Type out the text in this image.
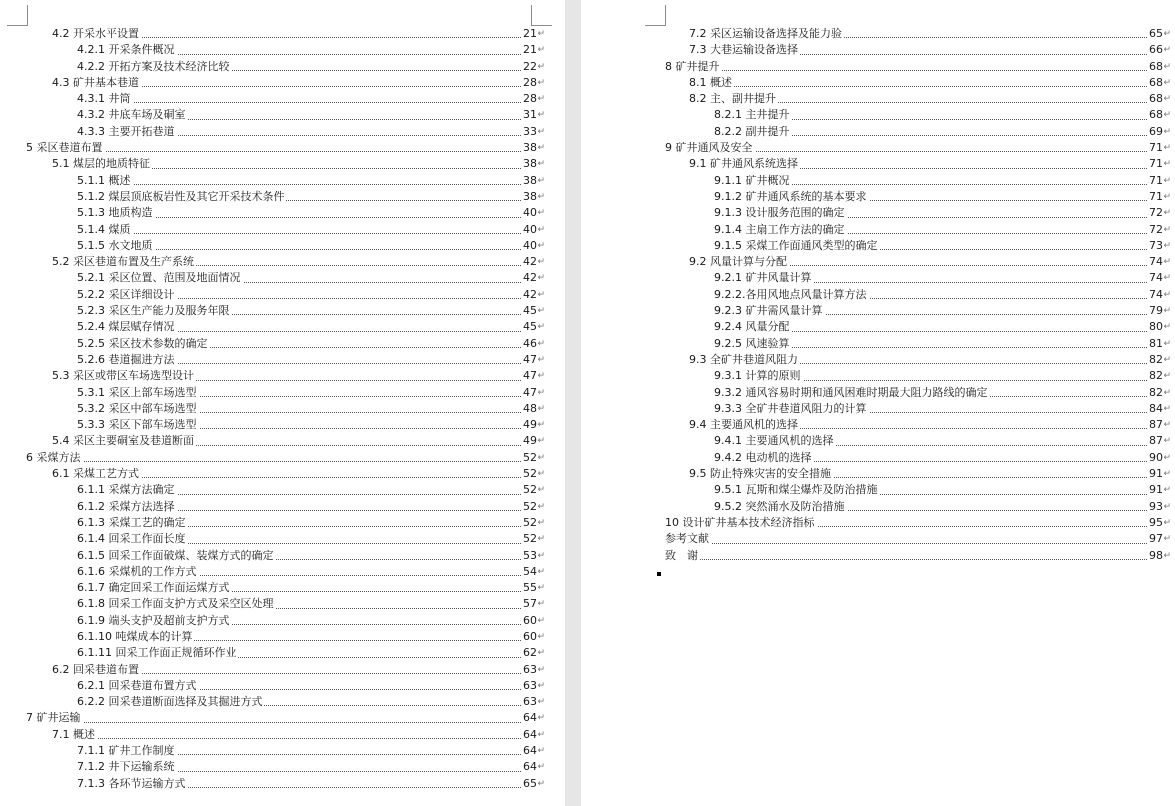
4.2 开采水平设置	21 ↵
4.2.1 开采条件概况	21 ↵
4.2.2 开拓方案及技术经济比较	22 ↵
4.3 矿井基本巷道	28 ↵
4.3.1 井筒	28 ↵
4.3.2 井底车场及硐室	31 ↵
4.3.3 主要开拓巷道	33 ↵
5 采区巷道布置	38 ↵
5.1 煤层的地质特征	38 ↵
5.1.1 概述	38 ↵
5.1.2 煤层顶底板岩性及其它开采技术条件	38 ↵
5.1.3 地质构造	40 ↵
5.1.4 煤质	40 ↵
5.1.5 水文地质	40 ↵
5.2 采区巷道布置及生产系统	42 ↵
5.2.1 采区位置、范围及地面情况	42 ↵
5.2.2 采区详细设计	42 ↵
5.2.3 采区生产能力及服务年限	45 ↵
5.2.4 煤层赋存情况	45 ↵
5.2.5 采区技术参数的确定	46 ↵
5.2.6 巷道掘进方法	47 ↵
5.3 采区或带区车场选型设计	47 ↵
5.3.1 采区上部车场选型	47 ↵
5.3.2 采区中部车场选型	48 ↵
5.3.3 采区下部车场选型	49 ↵
5.4 采区主要硐室及巷道断面	49 ↵
6 采煤方法	52 ↵
6.1 采煤工艺方式	52 ↵
6.1.1 采煤方法确定	52 ↵
6.1.2 采煤方法选择	52 ↵
6.1.3 采煤工艺的确定	52 ↵
6.1.4 回采工作面长度	52 ↵
6.1.5 回采工作面破煤、装煤方式的确定	53 ↵
6.1.6 采煤机的工作方式	54 ↵
6.1.7 确定回采工作面运煤方式	55 ↵
6.1.8 回采工作面支护方式及采空区处理	57 ↵
6.1.9 端头支护及超前支护方式	60 ↵
6.1.10 吨煤成本的计算	60 ↵
6.1.11 回采工作面正规循环作业	62 ↵
6.2 回采巷道布置	63 ↵
6.2.1 回采巷道布置方式	63 ↵
6.2.2 回采巷道断面选择及其掘进方式	63 ↵
7 矿井运输	64 ↵
7.1 概述	64 ↵
7.1.1 矿井工作制度	64 ↵
7.1.2 井下运输系统	64 ↵
7.1.3 各环节运输方式	65 ↵
7.2 采区运输设备选择及能力验	65 ↵
7.3 大巷运输设备选择	66 ↵
8 矿井提升	68 ↵
8.1 概述	68 ↵
8.2 主、副井提升	68 ↵
8.2.1 主井提升	68 ↵
8.2.2 副井提升	69 ↵
9 矿井通风及安全	71 ↵
9.1 矿井通风系统选择	71 ↵
9.1.1 矿井概况	71 ↵
9.1.2 矿井通风系统的基本要求	71 ↵
9.1.3 设计服务范围的确定	72 ↵
9.1.4 主扇工作方法的确定	72 ↵
9.1.5 采煤工作面通风类型的确定	73 ↵
9.2 风量计算与分配	74 ↵
9.2.1 矿井风量计算	74 ↵
9.2.2.各用风地点风量计算方法	74 ↵
9.2.3 矿井需风量计算	79 ↵
9.2.4 风量分配	80 ↵
9.2.5 风速验算	81 ↵
9.3 全矿井巷道风阻力	82 ↵
9.3.1 计算的原则	82 ↵
9.3.2 通风容易时期和通风困难时期最大阻力路线的确定	82 ↵
9.3.3 全矿井巷道风阻力的计算	84 ↵
9.4 主要通风机的选择	87 ↵
9.4.1 主要通风机的选择	87 ↵
9.4.2 电动机的选择	90 ↵
9.5 防止特殊灾害的安全措施	91 ↵
9.5.1 瓦斯和煤尘爆炸及防治措施	91 ↵
9.5.2 突然涌水及防治措施	93 ↵
10 设计矿井基本技术经济指标	95 ↵
参考文献	97 ↵
致　谢	98 ↵
